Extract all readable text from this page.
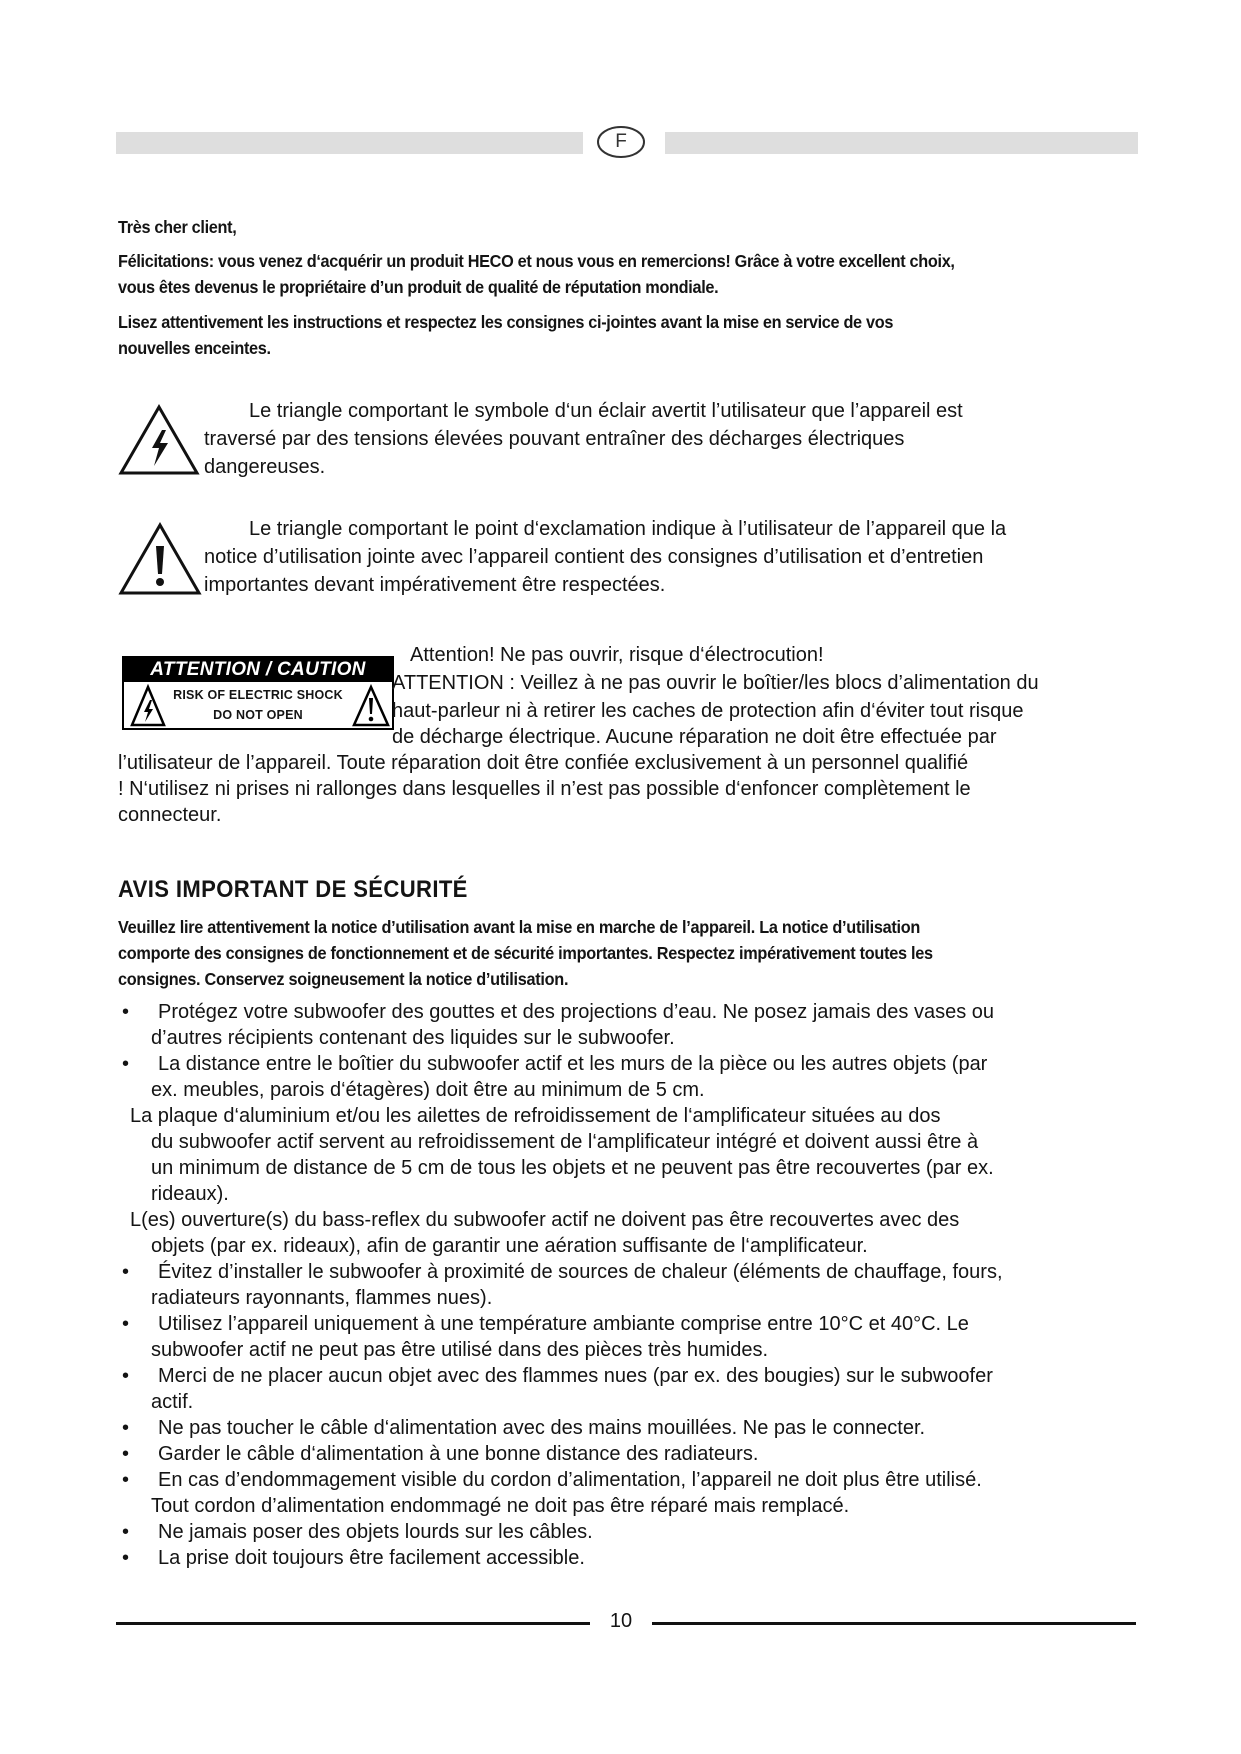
F
Très cher client,
Félicitations: vous venez d‘acquérir un produit HECO et nous vous en remercions! Grâce à votre excellent choix,
vous êtes devenus le propriétaire d’un produit de qualité de réputation mondiale.
Lisez attentivement les instructions et respectez les consignes ci-jointes avant la mise en service de vos
nouvelles enceintes.
Le triangle comportant le symbole d‘un éclair avertit l’utilisateur que l’appareil est
traversé par des tensions élevées pouvant entraîner des décharges électriques
dangereuses.
Le triangle comportant le point d‘exclamation indique à l’utilisateur de l’appareil que la
notice d’utilisation jointe avec l’appareil contient des consignes d’utilisation et d’entretien
importantes devant impérativement être respectées.
ATTENTION / CAUTION
RISK OF ELECTRIC SHOCK
DO NOT OPEN
Attention! Ne pas ouvrir, risque d‘électrocution!
ATTENTION : Veillez à ne pas ouvrir le boîtier/les blocs d’alimentation du
haut-parleur ni à retirer les caches de protection afin d‘éviter tout risque
de décharge électrique. Aucune réparation ne doit être effectuée par
l’utilisateur de l’appareil. Toute réparation doit être confiée exclusivement à un personnel qualifié
! N‘utilisez ni prises ni rallonges dans lesquelles il n’est pas possible d‘enfoncer complètement le
connecteur.
AVIS IMPORTANT DE SÉCURITÉ
Veuillez lire attentivement la notice d’utilisation avant la mise en marche de l’appareil. La notice d’utilisation
comporte des consignes de fonctionnement et de sécurité importantes. Respectez impérativement toutes les
consignes. Conservez soigneusement la notice d’utilisation.
• Protégez votre subwoofer des gouttes et des projections d’eau. Ne posez jamais des vases ou
d’autres récipients contenant des liquides sur le subwoofer.
• La distance entre le boîtier du subwoofer actif et les murs de la pièce ou les autres objets (par
ex. meubles, parois d‘étagères) doit être au minimum de 5 cm.
La plaque d‘aluminium et/ou les ailettes de refroidissement de l‘amplificateur situées au dos
du subwoofer actif servent au refroidissement de l‘amplificateur intégré et doivent aussi être à
un minimum de distance de 5 cm de tous les objets et ne peuvent pas être recouvertes (par ex.
rideaux).
L(es) ouverture(s) du bass-reflex du subwoofer actif ne doivent pas être recouvertes avec des
objets (par ex. rideaux), afin de garantir une aération suffisante de l‘amplificateur.
• Évitez d’installer le subwoofer à proximité de sources de chaleur (éléments de chauffage, fours,
radiateurs rayonnants, flammes nues).
• Utilisez l’appareil uniquement à une température ambiante comprise entre 10°C et 40°C. Le
subwoofer actif ne peut pas être utilisé dans des pièces très humides.
• Merci de ne placer aucun objet avec des flammes nues (par ex. des bougies) sur le subwoofer
actif.
• Ne pas toucher le câble d‘alimentation avec des mains mouillées. Ne pas le connecter.
• Garder le câble d‘alimentation à une bonne distance des radiateurs.
• En cas d’endommagement visible du cordon d’alimentation, l’appareil ne doit plus être utilisé.
Tout cordon d’alimentation endommagé ne doit pas être réparé mais remplacé.
• Ne jamais poser des objets lourds sur les câbles.
• La prise doit toujours être facilement accessible.
10
